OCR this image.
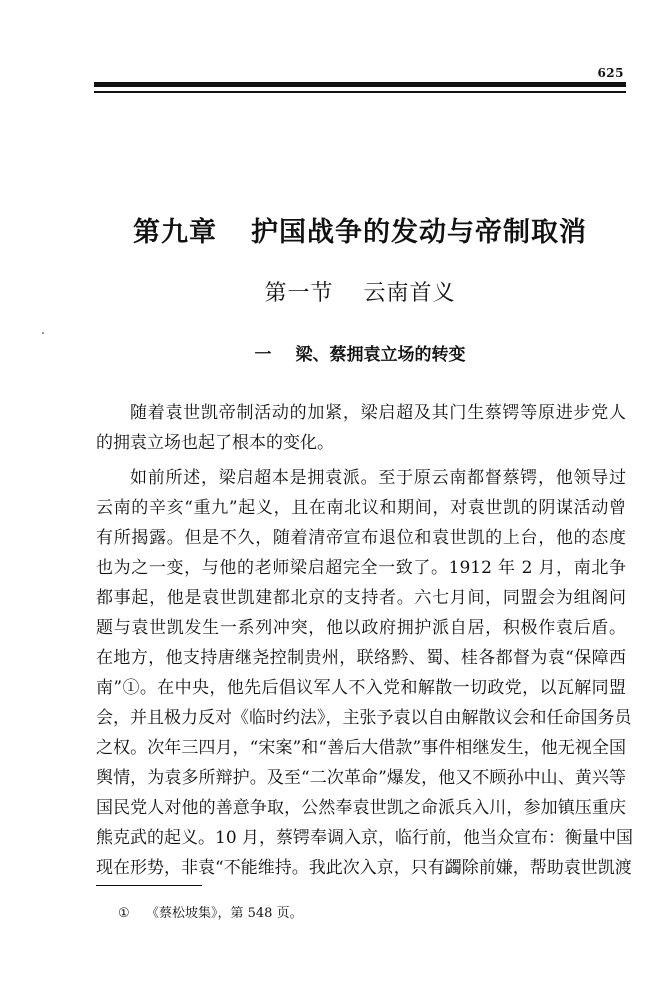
625
第九章 护国战争的发动与帝制取消
第一节 云南首义
一 梁、蔡拥袁立场的转变
随着袁世凯帝制活动的加紧，梁启超及其门生蔡锷等原进步党人
的拥袁立场也起了根本的变化。
如前所述，梁启超本是拥袁派。至于原云南都督蔡锷，他领导过
云南的辛亥“重九”起义，且在南北议和期间，对袁世凯的阴谋活动曾
有所揭露。但是不久，随着清帝宣布退位和袁世凯的上台，他的态度
也为之一变，与他的老师梁启超完全一致了。1912 年 2 月，南北争
都事起，他是袁世凯建都北京的支持者。六七月间，同盟会为组阁问
题与袁世凯发生一系列冲突，他以政府拥护派自居，积极作袁后盾。
在地方，他支持唐继尧控制贵州，联络黔、蜀、桂各都督为袁“保障西
南”①。在中央，他先后倡议军人不入党和解散一切政党，以瓦解同盟
会，并且极力反对《临时约法》，主张予袁以自由解散议会和任命国务员
之权。次年三四月，“宋案”和“善后大借款”事件相继发生，他无视全国
舆情，为袁多所辩护。及至“二次革命”爆发，他又不顾孙中山、黄兴等
国民党人对他的善意争取，公然奉袁世凯之命派兵入川，参加镇压重庆
熊克武的起义。10 月，蔡锷奉调入京，临行前，他当众宣布：衡量中国
现在形势，非袁“不能维持。我此次入京，只有蠲除前嫌，帮助袁世凯渡
① 《蔡松坡集》，第 548 页。
